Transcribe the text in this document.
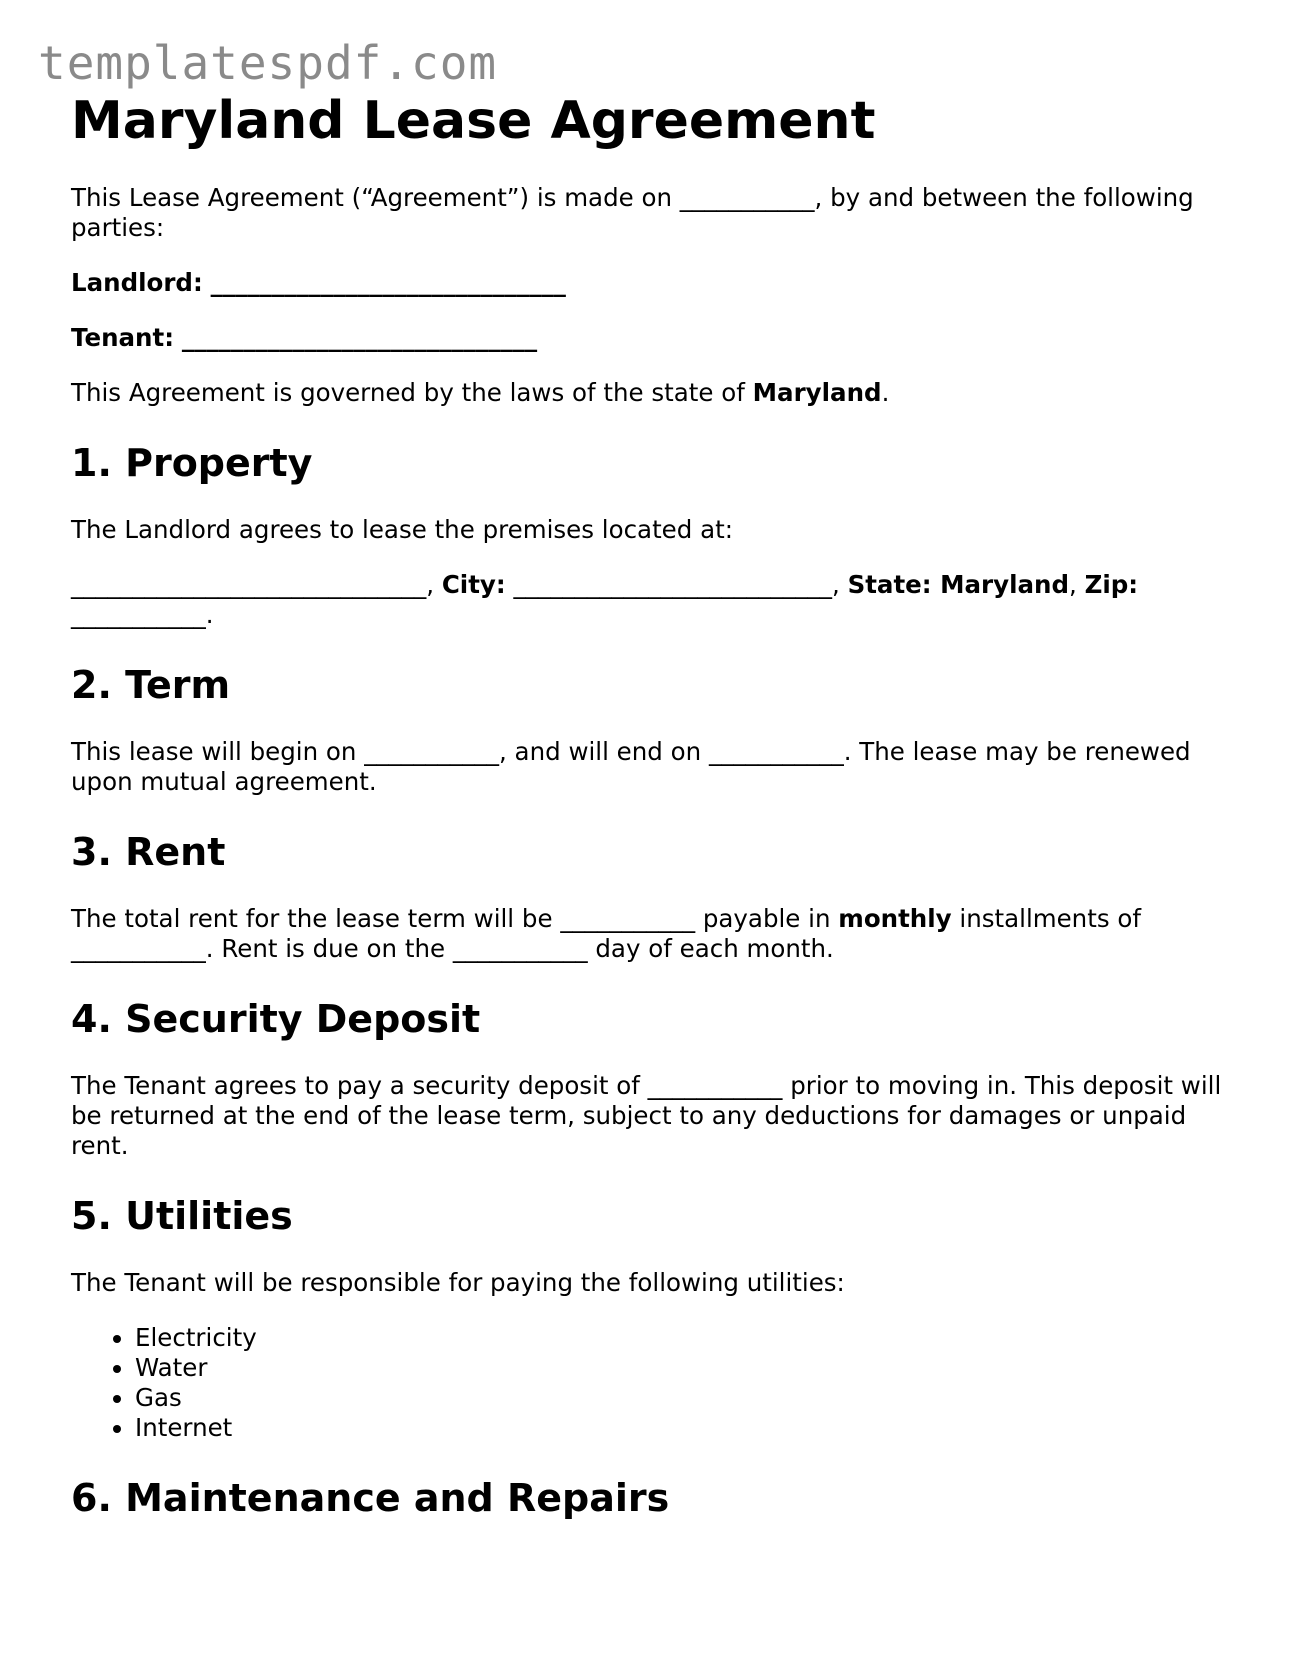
templatespdf.com
Maryland Lease Agreement

This Lease Agreement (“Agreement”) is made on ___________, by and between the following parties:

Landlord: _____________________________

Tenant: _____________________________

This Agreement is governed by the laws of the state of Maryland.

1. Property

The Landlord agrees to lease the premises located at:

_____________________________, City: __________________________, State: Maryland, Zip: ___________.

2. Term

This lease will begin on ___________, and will end on ___________. The lease may be renewed upon mutual agreement.

3. Rent

The total rent for the lease term will be ___________ payable in monthly installments of ___________. Rent is due on the ___________ day of each month.

4. Security Deposit

The Tenant agrees to pay a security deposit of ___________ prior to moving in. This deposit will be returned at the end of the lease term, subject to any deductions for damages or unpaid rent.

5. Utilities

The Tenant will be responsible for paying the following utilities:

• Electricity
• Water
• Gas
• Internet
6. Maintenance and Repairs
